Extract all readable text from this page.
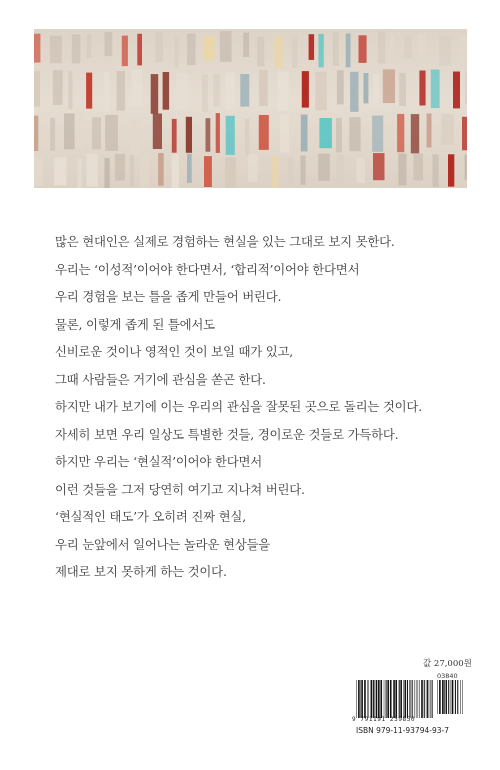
많은 현대인은 실제로 경험하는 현실을 있는 그대로 보지 못한다.
우리는 ‘이성적’이어야 한다면서, ‘합리적’이어야 한다면서
우리 경험을 보는 틀을 좁게 만들어 버린다.
물론, 이렇게 좁게 된 틀에서도
신비로운 것이나 영적인 것이 보일 때가 있고,
그때 사람들은 거기에 관심을 쏟곤 한다.
하지만 내가 보기에 이는 우리의 관심을 잘못된 곳으로 돌리는 것이다.
자세히 보면 우리 일상도 특별한 것들, 경이로운 것들로 가득하다.
하지만 우리는 ‘현실적’이어야 한다면서
이런 것들을 그저 당연히 여기고 지나쳐 버린다.
‘현실적인 태도’가 오히려 진짜 현실,
우리 눈앞에서 일어나는 놀라운 현상들을
제대로 보지 못하게 하는 것이다.
값 27,000원
03840
9 791191 239850
ISBN 979-11-93794-93-7
